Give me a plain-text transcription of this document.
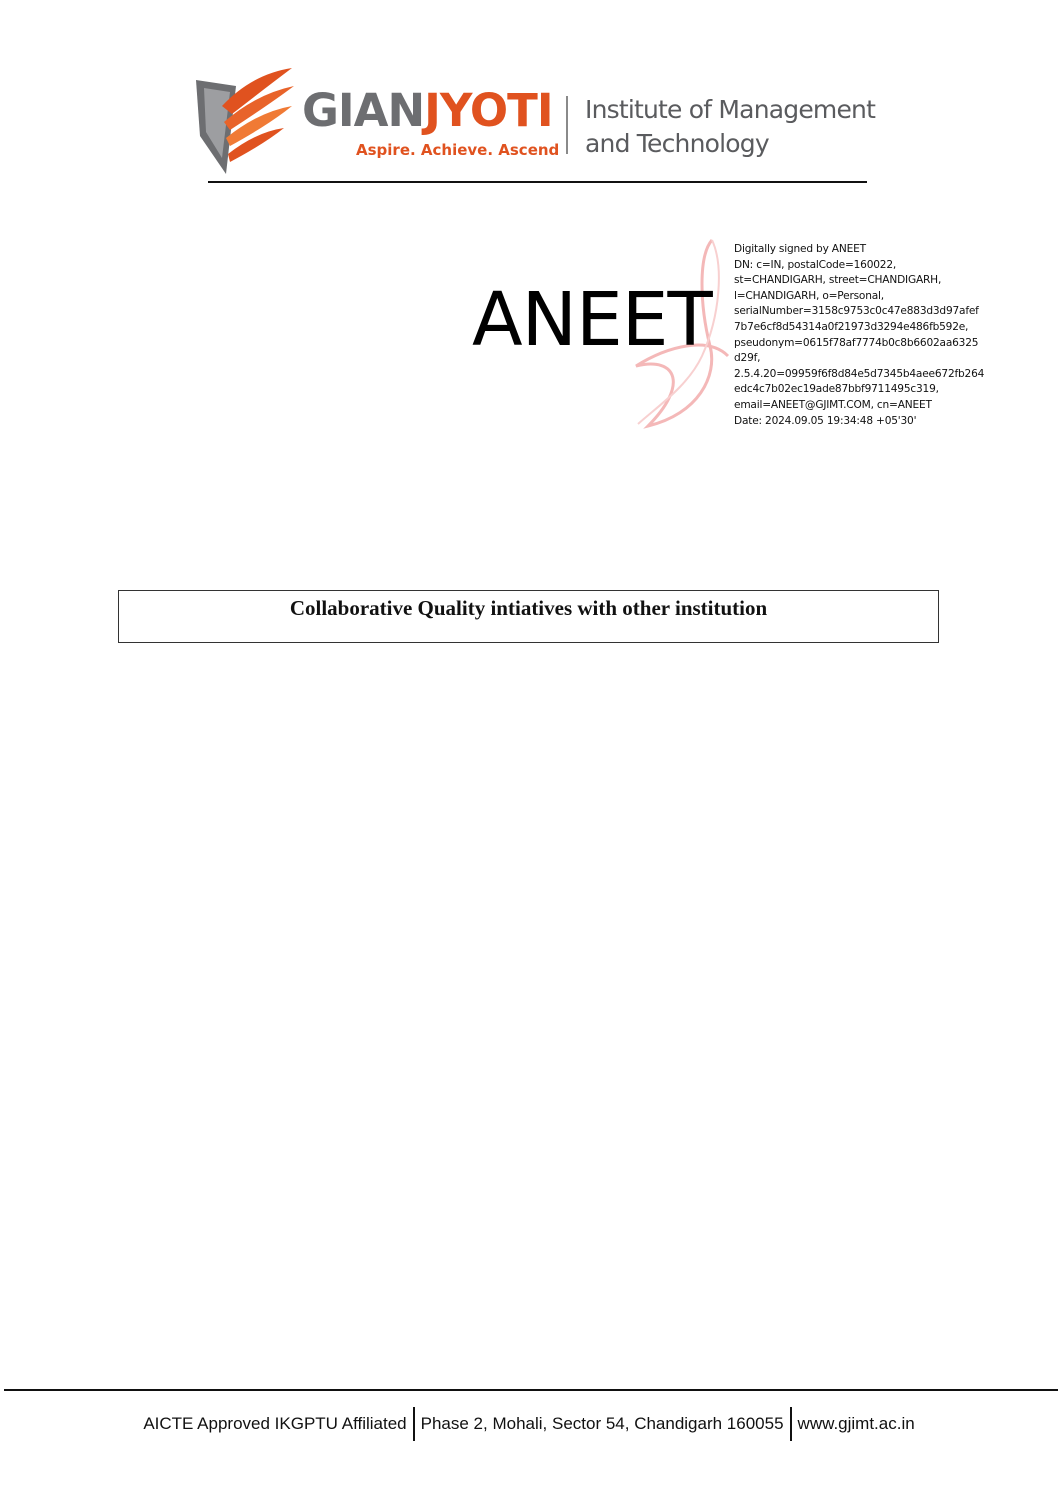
GIANJYOTI
Aspire. Achieve. Ascend
Institute of Management
and Technology
ANEET
Digitally signed by ANEET
DN: c=IN, postalCode=160022,
st=CHANDIGARH, street=CHANDIGARH,
l=CHANDIGARH, o=Personal,
serialNumber=3158c9753c0c47e883d3d97afef
7b7e6cf8d54314a0f21973d3294e486fb592e,
pseudonym=0615f78af7774b0c8b6602aa6325
d29f,
2.5.4.20=09959f6f8d84e5d7345b4aee672fb264
edc4c7b02ec19ade87bbf9711495c319,
email=ANEET@GJIMT.COM, cn=ANEET
Date: 2024.09.05 19:34:48 +05'30'
Collaborative Quality intiatives with other institution
AICTE Approved IKGPTU Affiliated Phase 2, Mohali, Sector 54, Chandigarh 160055 www.gjimt.ac.in
